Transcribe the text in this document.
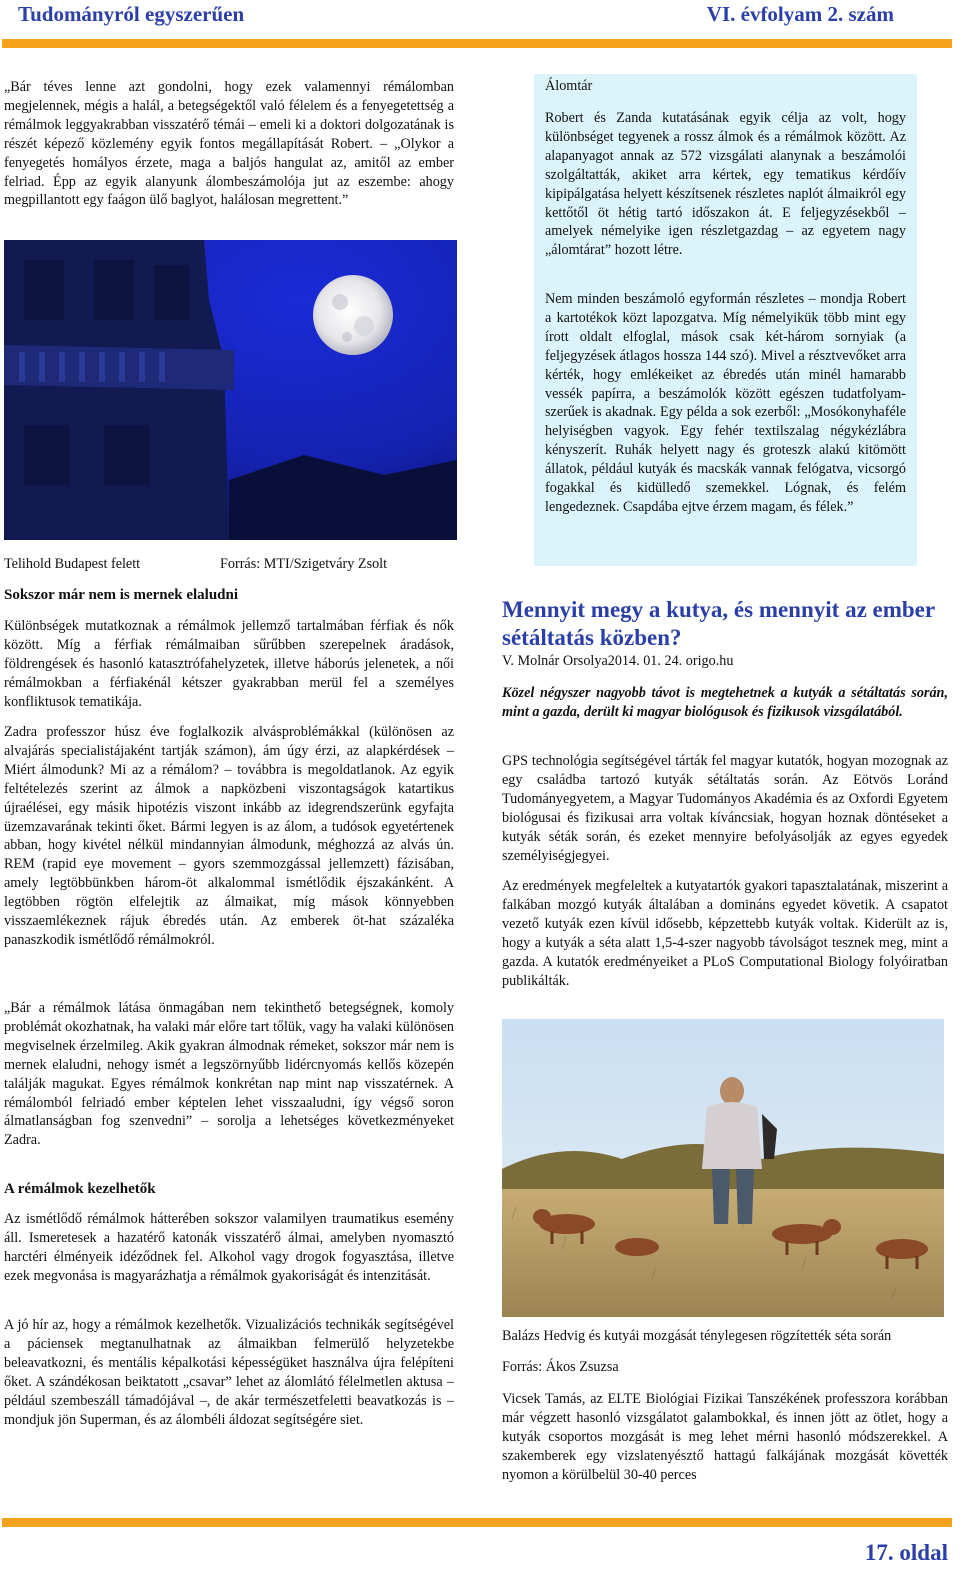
Tudományról egyszerűen	VI. évfolyam 2. szám

„Bár téves lenne azt gondolni, hogy ezek valamennyi rémálomban megjelennek, mégis a halál, a betegségektől való félelem és a fenyegetettség a rémálmok leggyakrabban visszatérő témái – emeli ki a doktori dolgozatának is részét képező közlemény egyik fontos megállapítását Robert. – „Olykor a fenyegetés homályos érzete, maga a baljós hangulat az, amitől az ember felriad. Épp az egyik alanyunk álombeszámolója jut az eszembe: ahogy megpillantott egy faágon ülő baglyot, halálosan megrettent.”

Telihold Budapest felett	Forrás: MTI/Szigetváry Zsolt

Sokszor már nem is mernek elaludni

Különbségek mutatkoznak a rémálmok jellemző tartalmában férfiak és nők között. Míg a férfiak rémálmaiban sűrűbben szerepelnek áradások, földrengések és hasonló katasztrófahelyzetek, illetve háborús jelenetek, a női rémálmokban a férfiakénál kétszer gyakrabban merül fel a személyes konfliktusok tematikája.

Zadra professzor húsz éve foglalkozik alvásproblémákkal (különösen az alvajárás specialistájaként tartják számon), ám úgy érzi, az alapkérdések – Miért álmodunk? Mi az a rémálom? – továbbra is megoldatlanok. Az egyik feltételezés szerint az álmok a napközbeni viszontagságok katartikus újraélései, egy másik hipotézis viszont inkább az idegrendszerünk egyfajta üzemzavarának tekinti őket. Bármi legyen is az álom, a tudósok egyetértenek abban, hogy kivétel nélkül mindannyian álmodunk, méghozzá az alvás ún. REM (rapid eye movement – gyors szemmozgással jellemzett) fázisában, amely legtöbbünkben három-öt alkalommal ismétlődik éjszakánként. A legtöbben rögtön elfelejtik az álmaikat, míg mások könnyebben visszaemlékeznek rájuk ébredés után. Az emberek öt-hat százaléka panaszkodik ismétlődő rémálmokról.

„Bár a rémálmok látása önmagában nem tekinthető betegségnek, komoly problémát okozhatnak, ha valaki már előre tart tőlük, vagy ha valaki különösen megviselnek érzelmileg. Akik gyakran álmodnak rémeket, sokszor már nem is mernek elaludni, nehogy ismét a legszörnyűbb lidércnyomás kellős közepén találják magukat. Egyes rémálmok konkrétan nap mint nap visszatérnek. A rémálomból felriadó ember képtelen lehet visszaaludni, így végső soron álmatlanságban fog szenvedni” – sorolja a lehetséges következményeket Zadra.

A rémálmok kezelhetők

Az ismétlődő rémálmok hátterében sokszor valamilyen traumatikus esemény áll. Ismeretesek a hazatérő katonák visszatérő álmai, amelyben nyomasztó harctéri élményeik idéződnek fel. Alkohol vagy drogok fogyasztása, illetve ezek megvonása is magyarázhatja a rémálmok gyakoriságát és intenzitását.

A jó hír az, hogy a rémálmok kezelhetők. Vizualizációs technikák segítségével a páciensek megtanulhatnak az álmaikban felmerülő helyzetekbe beleavatkozni, és mentális képalkotási képességüket használva újra felépíteni őket. A szándékosan beiktatott „csavar” lehet az álomlátó félelmetlen aktusa – például szembeszáll támadójával –, de akár természetfeletti beavatkozás is – mondjuk jön Superman, és az álombéli áldozat segítségére siet.

Álomtár

Robert és Zanda kutatásának egyik célja az volt, hogy különbséget tegyenek a rossz álmok és a rémálmok között. Az alapanyagot annak az 572 vizsgálati alanynak a beszámolói szolgáltatták, akiket arra kértek, egy tematikus kérdőív kipipálgatása helyett készítsenek részletes naplót álmaikról egy kettőtől öt hétig tartó időszakon át. E feljegyzésekből – amelyek némelyike igen részletgazdag – az egyetem nagy „álomtárat” hozott létre.

Nem minden beszámoló egyformán részletes – mondja Robert a kartotékok közt lapozgatva. Míg némelyikük több mint egy írott oldalt elfoglal, mások csak két-három sornyiak (a feljegyzések átlagos hossza 144 szó). Mivel a résztvevőket arra kérték, hogy emlékeiket az ébredés után minél hamarabb vessék papírra, a beszámolók között egészen tudatfolyam-szerűek is akadnak. Egy példa a sok ezerből: „Mosókonyhaféle helyiségben vagyok. Egy fehér textilszalag négykézlábra kényszerít. Ruhák helyett nagy és groteszk alakú kitömött állatok, például kutyák és macskák vannak felógatva, vicsorgó fogakkal és kidülledő szemekkel. Lógnak, és felém lengedeznek. Csapdába ejtve érzem magam, és félek.”

Mennyit megy a kutya, és mennyit az ember sétáltatás közben?
V. Molnár Orsolya2014. 01. 24. origo.hu

Közel négyszer nagyobb távot is megtehetnek a kutyák a sétáltatás során, mint a gazda, derült ki magyar biológusok és fizikusok vizsgálatából.

GPS technológia segítségével tárták fel magyar kutatók, hogyan mozognak az egy családba tartozó kutyák sétáltatás során. Az Eötvös Loránd Tudományegyetem, a Magyar Tudományos Akadémia és az Oxfordi Egyetem biológusai és fizikusai arra voltak kíváncsiak, hogyan hoznak döntéseket a kutyák séták során, és ezeket mennyire befolyásolják az egyes egyedek személyiségjegyei.

Az eredmények megfeleltek a kutyatartók gyakori tapasztalatának, miszerint a falkában mozgó kutyák általában a domináns egyedet követik. A csapatot vezető kutyák ezen kívül idősebb, képzettebb kutyák voltak. Kiderült az is, hogy a kutyák a séta alatt 1,5-4-szer nagyobb távolságot tesznek meg, mint a gazda. A kutatók eredményeiket a PLoS Computational Biology folyóiratban publikálták.

Balázs Hedvig és kutyái mozgását ténylegesen rögzítették séta során
Forrás: Ákos Zsuzsa

Vicsek Tamás, az ELTE Biológiai Fizikai Tanszékének professzora korábban már végzett hasonló vizsgálatot galambokkal, és innen jött az ötlet, hogy a kutyák csoportos mozgását is meg lehet mérni hasonló módszerekkel. A szakemberek egy vizslatenyésztő hattagú falkájának mozgását követték nyomon a körülbelül 30-40 perces

17. oldal
